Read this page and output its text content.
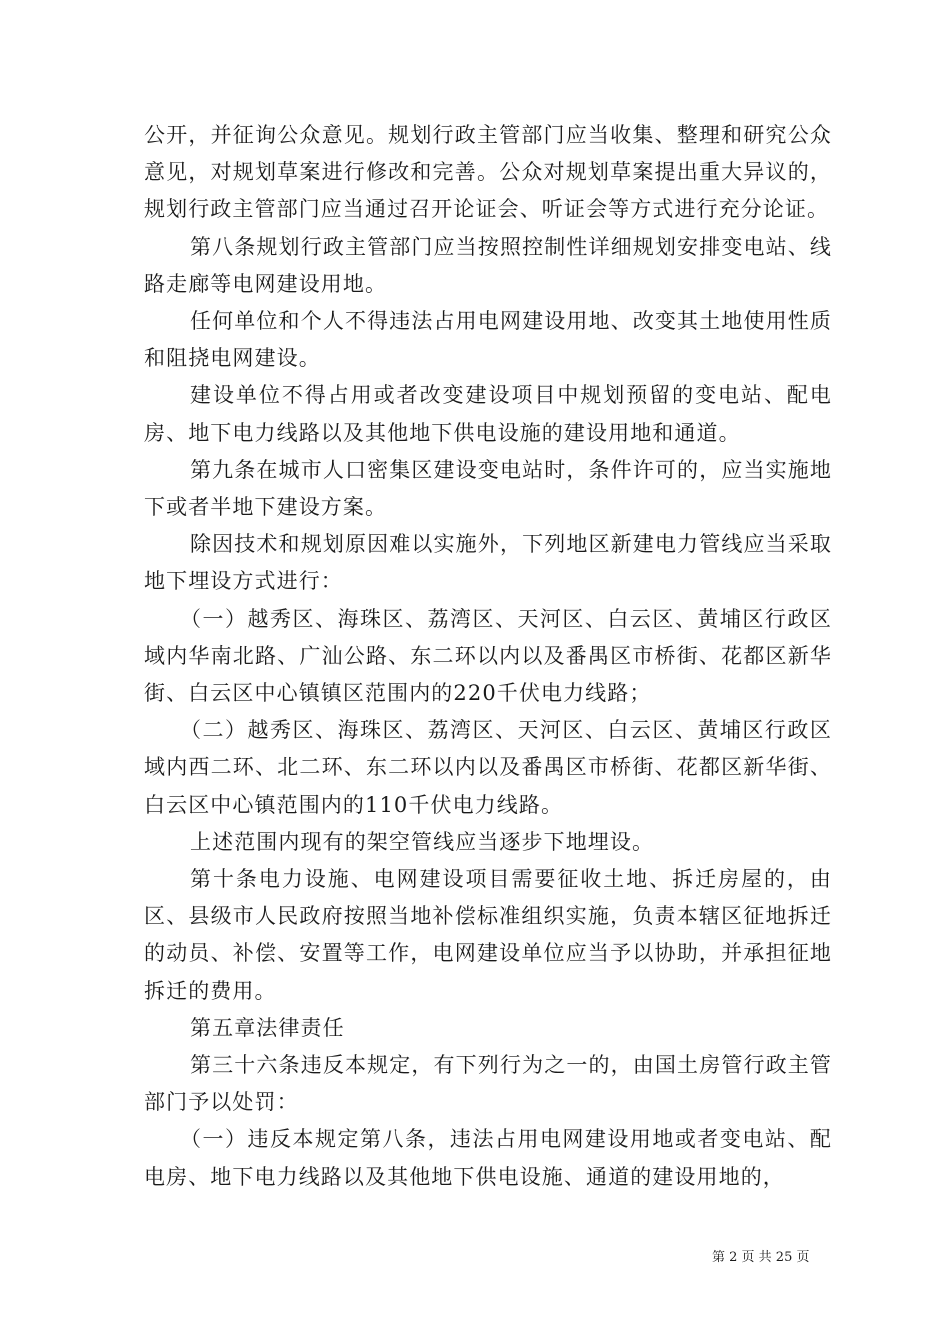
公开，并征询公众意见。规划行政主管部门应当收集、整理和研究公众意见，对规划草案进行修改和完善。公众对规划草案提出重大异议的，规划行政主管部门应当通过召开论证会、听证会等方式进行充分论证。

第八条规划行政主管部门应当按照控制性详细规划安排变电站、线路走廊等电网建设用地。

任何单位和个人不得违法占用电网建设用地、改变其土地使用性质和阻挠电网建设。

建设单位不得占用或者改变建设项目中规划预留的变电站、配电房、地下电力线路以及其他地下供电设施的建设用地和通道。

第九条在城市人口密集区建设变电站时，条件许可的，应当实施地下或者半地下建设方案。

除因技术和规划原因难以实施外，下列地区新建电力管线应当采取地下埋设方式进行：

（一）越秀区、海珠区、荔湾区、天河区、白云区、黄埔区行政区域内华南北路、广汕公路、东二环以内以及番禺区市桥街、花都区新华街、白云区中心镇镇区范围内的220千伏电力线路；

（二）越秀区、海珠区、荔湾区、天河区、白云区、黄埔区行政区域内西二环、北二环、东二环以内以及番禺区市桥街、花都区新华街、白云区中心镇范围内的110千伏电力线路。

上述范围内现有的架空管线应当逐步下地埋设。

第十条电力设施、电网建设项目需要征收土地、拆迁房屋的，由区、县级市人民政府按照当地补偿标准组织实施，负责本辖区征地拆迁的动员、补偿、安置等工作，电网建设单位应当予以协助，并承担征地拆迁的费用。

第五章法律责任

第三十六条违反本规定，有下列行为之一的，由国土房管行政主管部门予以处罚：

（一）违反本规定第八条，违法占用电网建设用地或者变电站、配电房、地下电力线路以及其他地下供电设施、通道的建设用地的，

第 2 页 共 25 页
